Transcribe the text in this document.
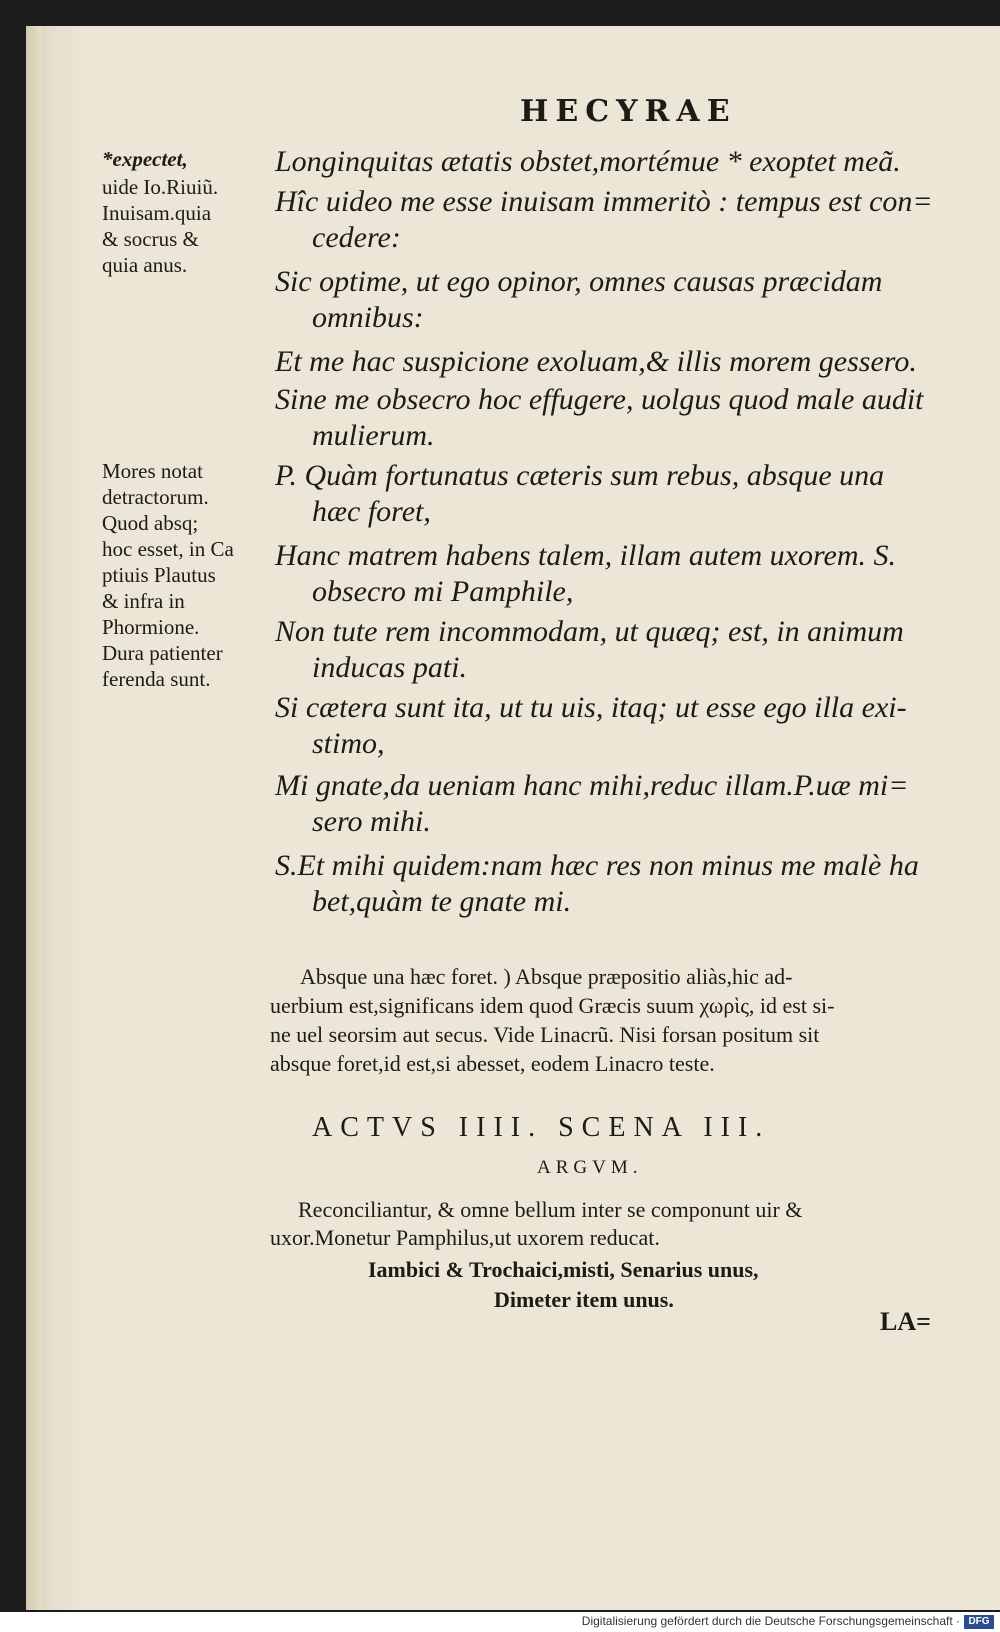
HECYRAE
*expectet,
uide Io.Riuiũ.
Inuisam.quia
& socrus &
quia anus.
Mores notat
detractorum.
Quod absq;
hoc esset, in Ca
ptiuis Plautus
& infra in
Phormione.
Dura patienter
ferenda sunt.
Longinquitas ætatis obstet,mortémue * exoptet meã.
Hîc uideo me esse inuisam immeritò : tempus est con=
cedere:
Sic optime, ut ego opinor, omnes causas præcidam
omnibus:
Et me hac suspicione exoluam,& illis morem gessero.
Sine me obsecro hoc effugere, uolgus quod male audit
mulierum.
P. Quàm fortunatus cæteris sum rebus, absque una
hæc foret,
Hanc matrem habens talem, illam autem uxorem. S.
obsecro mi Pamphile,
Non tute rem incommodam, ut quæq; est, in animum
inducas pati.
Si cætera sunt ita, ut tu uis, itaq; ut esse ego illa exi-
stimo,
Mi gnate,da ueniam hanc mihi,reduc illam.P.uæ mi=
sero mihi.
S.Et mihi quidem:nam hæc res non minus me malè ha
bet,quàm te gnate mi.
Absque una hæc foret. ) Absque præpositio aliàs,hic ad-
uerbium est,significans idem quod Græcis suum χωρὶς, id est si-
ne uel seorsim aut secus. Vide Linacrũ. Nisi forsan positum sit
absque foret,id est,si abesset, eodem Linacro teste.
ACTVS IIII. SCENA III.
ARGVM.
Reconciliantur, & omne bellum inter se componunt uir &
uxor.Monetur Pamphilus,ut uxorem reducat.
Iambici & Trochaici,misti, Senarius unus,
Dimeter item unus.
LA=
Digitalisierung gefördert durch die Deutsche Forschungsgemeinschaft · DFG
